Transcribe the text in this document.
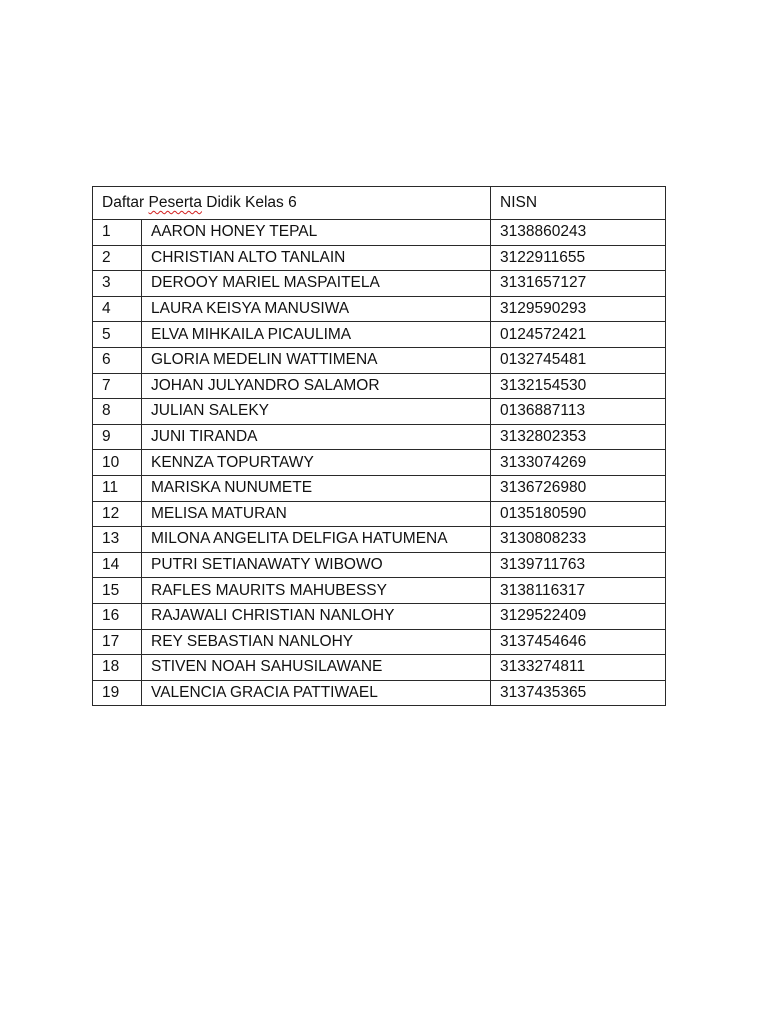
Daftar Peserta Didik Kelas 6		NISN
1	AARON HONEY TEPAL	3138860243
2	CHRISTIAN ALTO TANLAIN	3122911655
3	DEROOY MARIEL MASPAITELA	3131657127
4	LAURA KEISYA MANUSIWA	3129590293
5	ELVA MIHKAILA PICAULIMA	0124572421
6	GLORIA MEDELIN WATTIMENA	0132745481
7	JOHAN JULYANDRO SALAMOR	3132154530
8	JULIAN SALEKY	0136887113
9	JUNI TIRANDA	3132802353
10	KENNZA TOPURTAWY	3133074269
11	MARISKA NUNUMETE	3136726980
12	MELISA MATURAN	0135180590
13	MILONA ANGELITA DELFIGA HATUMENA	3130808233
14	PUTRI SETIANAWATY WIBOWO	3139711763
15	RAFLES MAURITS MAHUBESSY	3138116317
16	RAJAWALI CHRISTIAN NANLOHY	3129522409
17	REY SEBASTIAN NANLOHY	3137454646
18	STIVEN NOAH SAHUSILAWANE	3133274811
19	VALENCIA GRACIA PATTIWAEL	3137435365
